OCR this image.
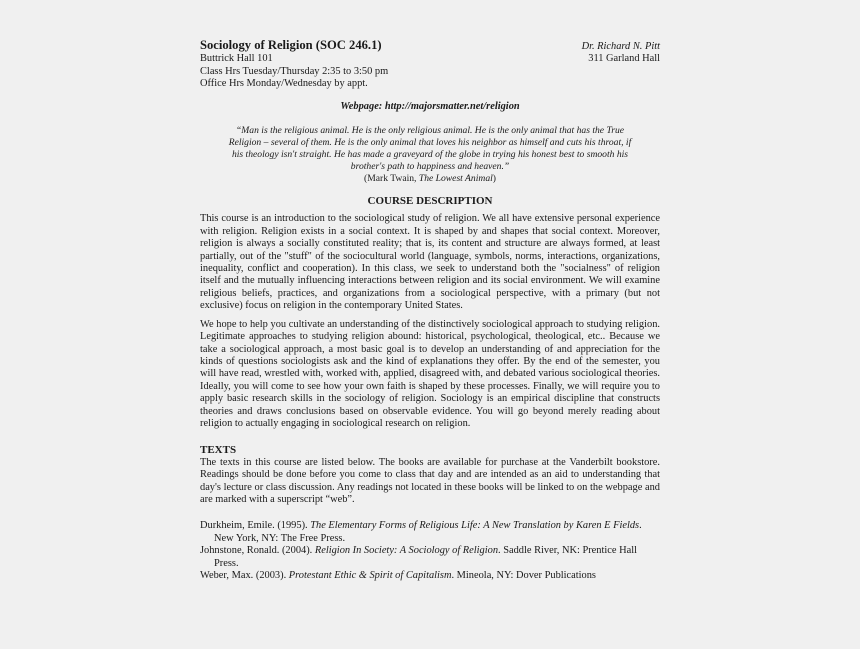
Sociology of Religion (SOC 246.1)	Dr. Richard N. Pitt
Buttrick Hall 101	311 Garland Hall
Class Hrs Tuesday/Thursday 2:35 to 3:50 pm
Office Hrs Monday/Wednesday by appt.
Webpage: http://majorsmatter.net/religion
“Man is the religious animal. He is the only religious animal. He is the only animal that has the True Religion – several of them. He is the only animal that loves his neighbor as himself and cuts his throat, if his theology isn't straight. He has made a graveyard of the globe in trying his honest best to smooth his brother's path to happiness and heaven.”
(Mark Twain, The Lowest Animal)
COURSE DESCRIPTION
This course is an introduction to the sociological study of religion. We all have extensive personal experience with religion. Religion exists in a social context. It is shaped by and shapes that social context. Moreover, religion is always a socially constituted reality; that is, its content and structure are always formed, at least partially, out of the "stuff" of the sociocultural world (language, symbols, norms, interactions, organizations, inequality, conflict and cooperation). In this class, we seek to understand both the "socialness" of religion itself and the mutually influencing interactions between religion and its social environment. We will examine religious beliefs, practices, and organizations from a sociological perspective, with a primary (but not exclusive) focus on religion in the contemporary United States.
We hope to help you cultivate an understanding of the distinctively sociological approach to studying religion. Legitimate approaches to studying religion abound: historical, psychological, theological, etc.. Because we take a sociological approach, a most basic goal is to develop an understanding of and appreciation for the kinds of questions sociologists ask and the kind of explanations they offer. By the end of the semester, you will have read, wrestled with, worked with, applied, disagreed with, and debated various sociological theories. Ideally, you will come to see how your own faith is shaped by these processes. Finally, we will require you to apply basic research skills in the sociology of religion. Sociology is an empirical discipline that constructs theories and draws conclusions based on observable evidence. You will go beyond merely reading about religion to actually engaging in sociological research on religion.
TEXTS
The texts in this course are listed below. The books are available for purchase at the Vanderbilt bookstore. Readings should be done before you come to class that day and are intended as an aid to understanding that day's lecture or class discussion. Any readings not located in these books will be linked to on the webpage and are marked with a superscript “web”.
Durkheim, Emile. (1995). The Elementary Forms of Religious Life: A New Translation by Karen E Fields. New York, NY: The Free Press.
Johnstone, Ronald. (2004). Religion In Society: A Sociology of Religion. Saddle River, NK: Prentice Hall Press.
Weber, Max. (2003). Protestant Ethic & Spirit of Capitalism. Mineola, NY: Dover Publications
